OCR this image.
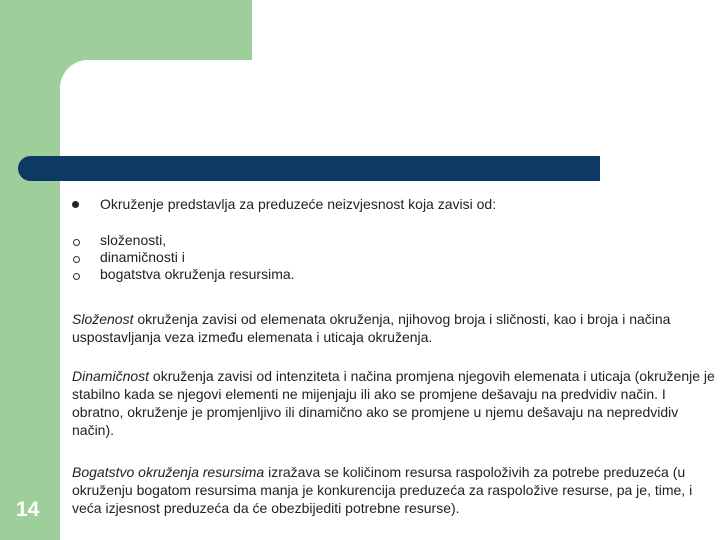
14
Okruženje predstavlja za preduzeće neizvjesnost koja zavisi od:
složenosti,
dinamičnosti i
bogatstva okruženja resursima.
Složenost okruženja zavisi od elemenata okruženja, njihovog broja i sličnosti, kao i broja i načina uspostavljanja veza između elemenata i uticaja okruženja.
Dinamičnost okruženja zavisi od intenziteta i načina promjena njegovih elemenata i uticaja (okruženje je stabilno kada se njegovi elementi ne mijenjaju ili ako se promjene dešavaju na predvidiv način. I obratno, okruženje je promjenljivo ili dinamično ako se promjene u njemu dešavaju na nepredvidiv način).
Bogatstvo okruženja resursima izražava se količinom resursa raspoloživih za potrebe preduzeća (u okruženju bogatom resursima manja je konkurencija preduzeća za raspoložive resurse, pa je, time, i veća izjesnost preduzeća da će obezbijediti potrebne resurse).
